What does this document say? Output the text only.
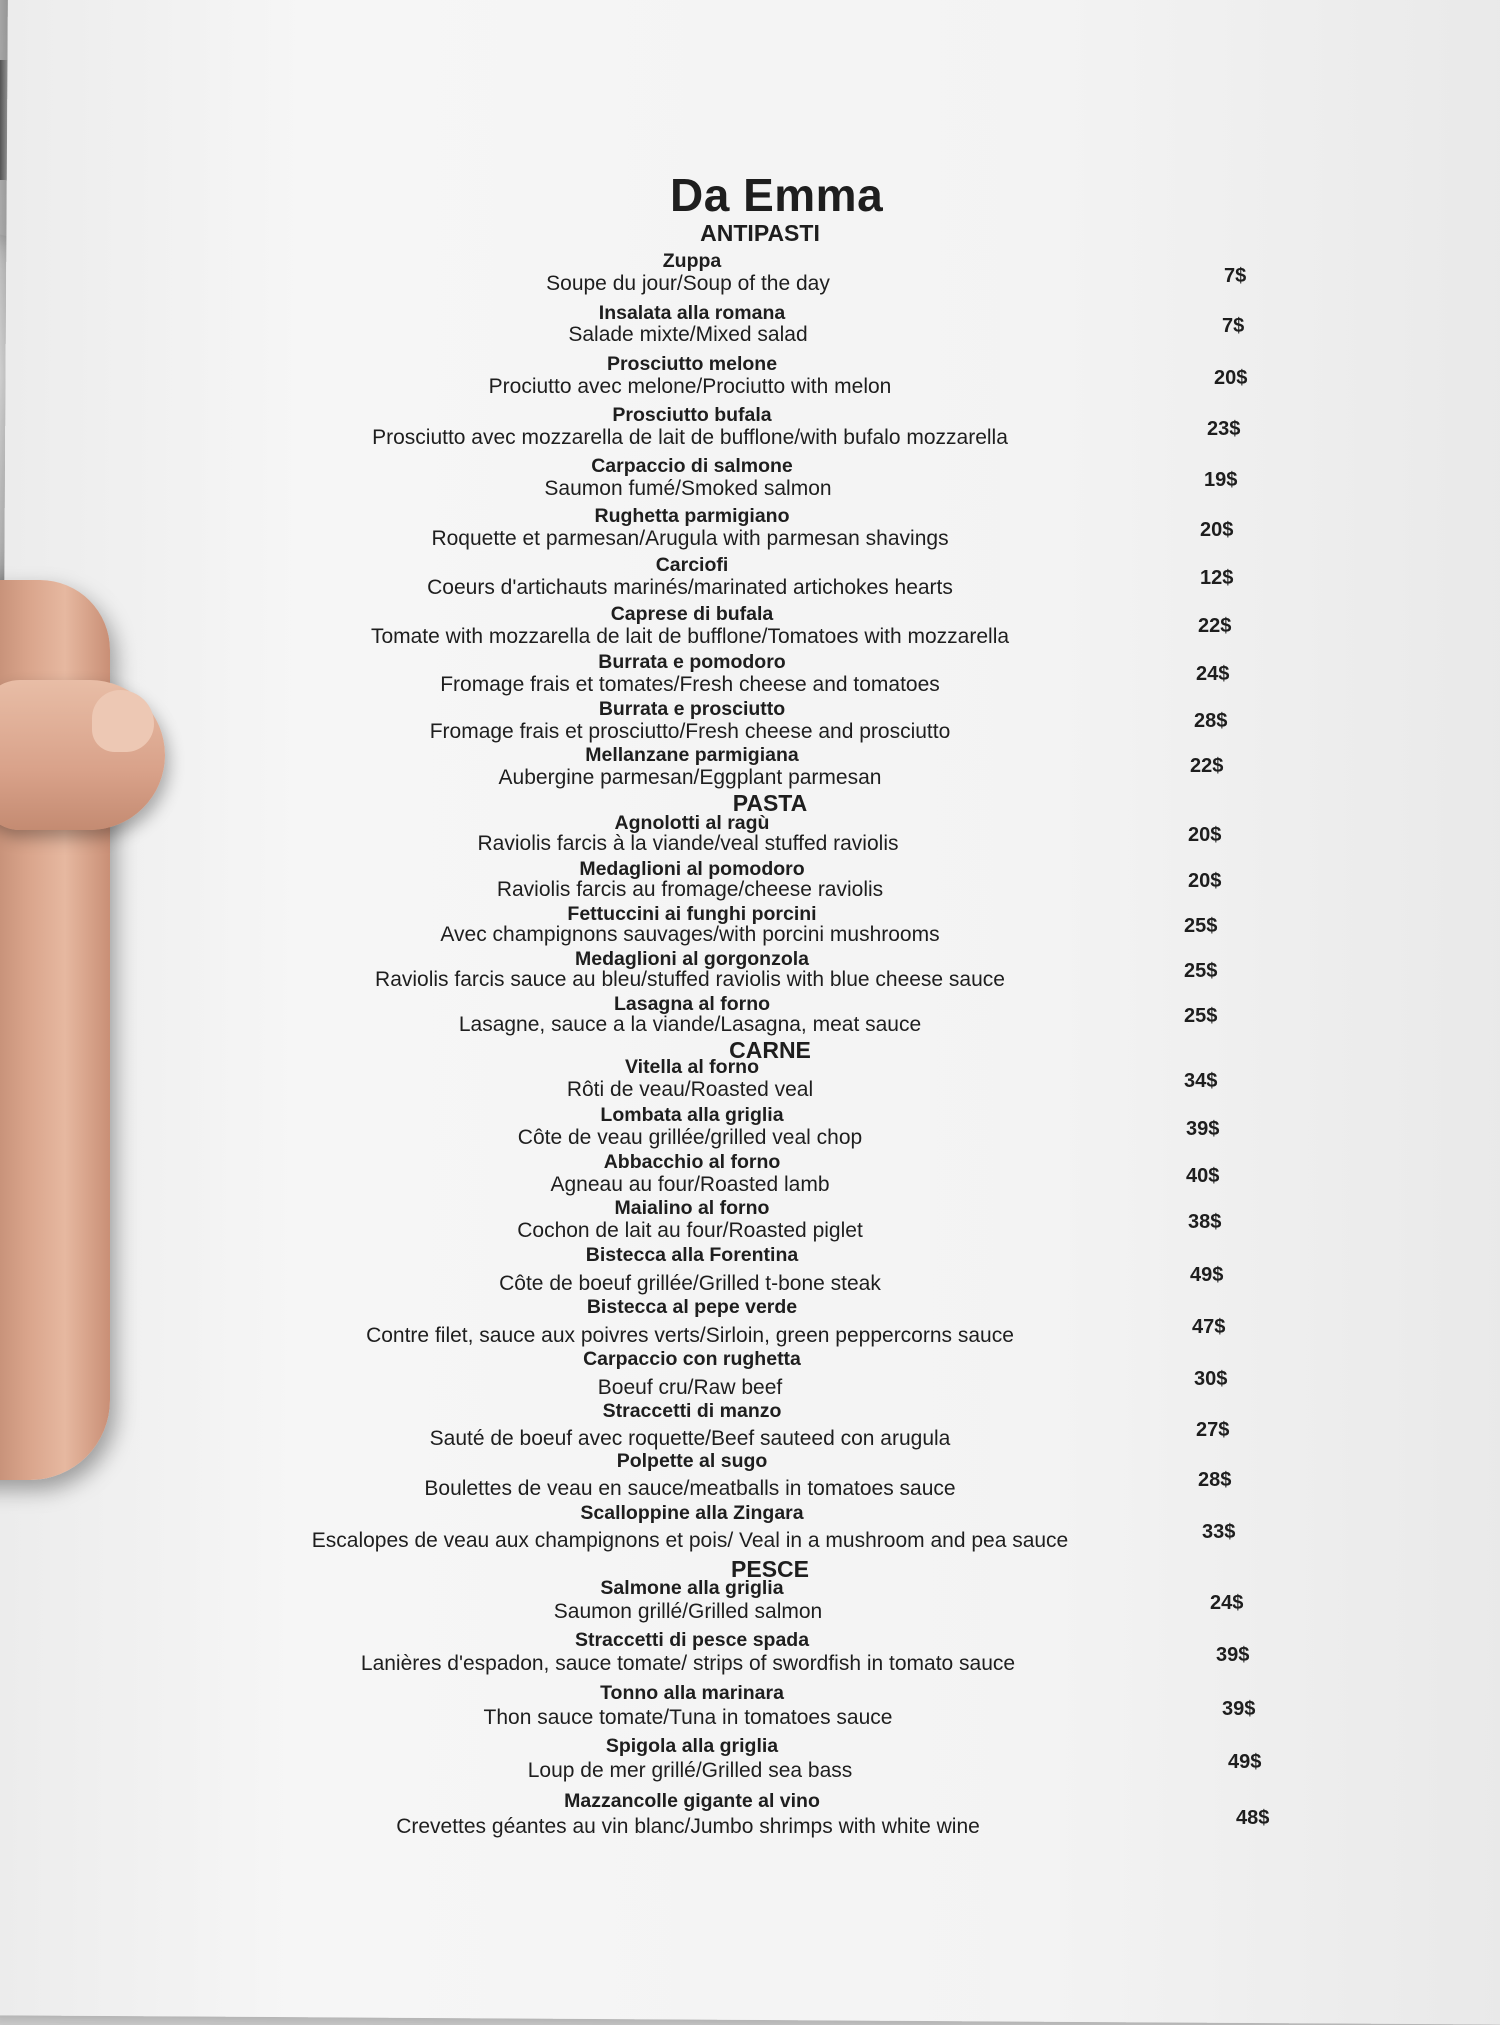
Da Emma
ANTIPASTI
Zuppa
Soupe du jour/Soup of the day	7$
Insalata alla romana
Salade mixte/Mixed salad	7$
Prosciutto melone
Prociutto avec melone/Prociutto with melon	20$
Prosciutto bufala
Prosciutto avec mozzarella de lait de bufflone/with bufalo mozzarella	23$
Carpaccio di salmone
Saumon fumé/Smoked salmon	19$
Rughetta parmigiano
Roquette et parmesan/Arugula with parmesan shavings	20$
Carciofi
Coeurs d'artichauts marinés/marinated artichokes hearts	12$
Caprese di bufala
Tomate with mozzarella de lait de bufflone/Tomatoes with mozzarella	22$
Burrata e pomodoro
Fromage frais et tomates/Fresh cheese and tomatoes	24$
Burrata e prosciutto
Fromage frais et prosciutto/Fresh cheese and prosciutto	28$
Mellanzane parmigiana
Aubergine parmesan/Eggplant parmesan	22$
PASTA
Agnolotti al ragù
Raviolis farcis à la viande/veal stuffed raviolis	20$
Medaglioni al pomodoro
Raviolis farcis au fromage/cheese raviolis	20$
Fettuccini ai funghi porcini
Avec champignons sauvages/with porcini mushrooms	25$
Medaglioni al gorgonzola
Raviolis farcis sauce au bleu/stuffed raviolis with blue cheese sauce	25$
Lasagna al forno
Lasagne, sauce a la viande/Lasagna, meat sauce	25$
CARNE
Vitella al forno
Rôti de veau/Roasted veal	34$
Lombata alla griglia
Côte de veau grillée/grilled veal chop	39$
Abbacchio al forno
Agneau au four/Roasted lamb	40$
Maialino al forno
Cochon de lait au four/Roasted piglet	38$
Bistecca alla Forentina
Côte de boeuf grillée/Grilled t-bone steak	49$
Bistecca al pepe verde
Contre filet, sauce aux poivres verts/Sirloin, green peppercorns sauce	47$
Carpaccio con rughetta
Boeuf cru/Raw beef	30$
Straccetti di manzo
Sauté de boeuf avec roquette/Beef sauteed con arugula	27$
Polpette al sugo
Boulettes de veau en sauce/meatballs in tomatoes sauce	28$
Scalloppine alla Zingara
Escalopes de veau aux champignons et pois/ Veal in a mushroom and pea sauce	33$
PESCE
Salmone alla griglia
Saumon grillé/Grilled salmon	24$
Straccetti di pesce spada
Lanières d'espadon, sauce tomate/ strips of swordfish in tomato sauce	39$
Tonno alla marinara
Thon sauce tomate/Tuna in tomatoes sauce	39$
Spigola alla griglia
Loup de mer grillé/Grilled sea bass	49$
Mazzancolle gigante al vino
Crevettes géantes au vin blanc/Jumbo shrimps with white wine	48$
